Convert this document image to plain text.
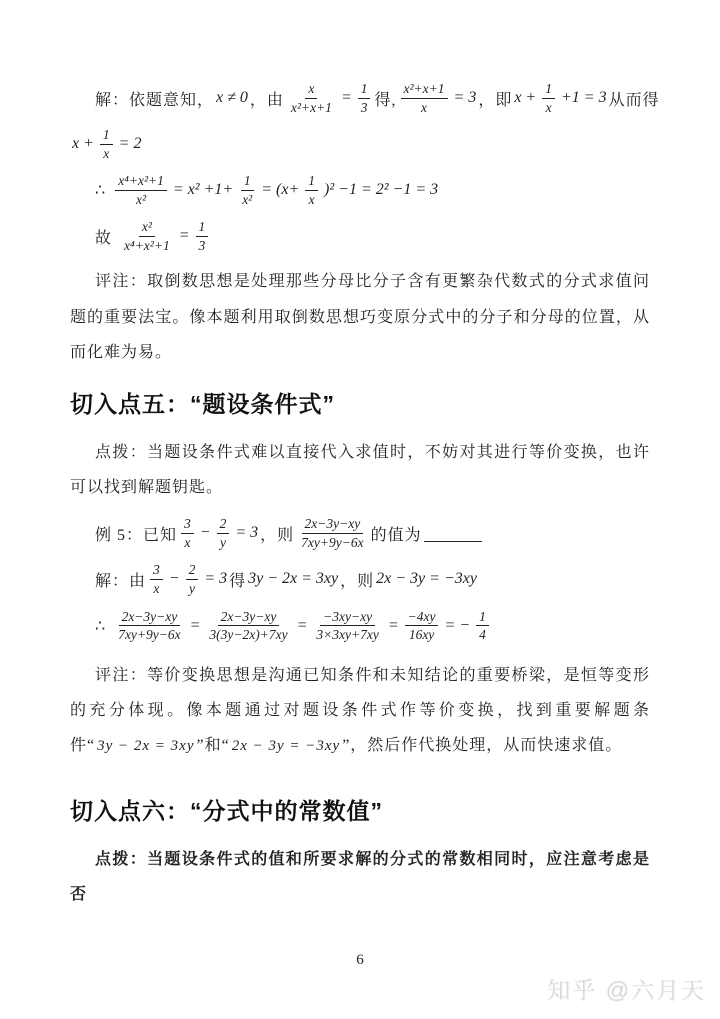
解：依题意知， x ≠ 0 ，由 $\frac{x}{\text{x²+x+1}} = \frac{1}{3}$ 得, $\frac{\text{x²+x+1}}{x} = 3$ ，即 $x + \frac{1}{x} +1 = 3$ 从而得
$x + \frac{1}{x} = 2$
∴ $\frac{\text{x⁴+x²+1}}{\text{x²}} = x^2 +1+ \frac{1}{\text{x²}} = (x+ \frac{1}{x} )^2 -1 = 2^2 -1 = 3$
故 $\frac{\text{x²}}{\text{x⁴+x²+1}} = \frac{1}{3}$

评注：取倒数思想是处理那些分母比分子含有更繁杂代数式的分式求值问题的重要法宝。像本题利用取倒数思想巧变原分式中的分子和分母的位置，从而化难为易。

切入点五：“题设条件式”

点拨：当题设条件式难以直接代入求值时，不妨对其进行等价变换，也许可以找到解题钥匙。

例 5：已知 $\frac{3}{x} - \frac{2}{y} = 3$ ，则 $\frac{2x-3y-xy}{7xy+9y-6x}$ 的值为
解：由 $\frac{3}{x} - \frac{2}{y} = 3$ 得 3y − 2x = 3xy ，则 2x − 3y = −3xy
∴ $\frac{2x-3y-xy}{7xy+9y-6x} = \frac{2x-3y-xy}{3(3y-2x)+7xy} = \frac{-3xy-xy}{3\times 3xy+7xy} = \frac{-4xy}{16xy}$ = − $\frac{1}{4}$
评注：等价变换思想是沟通已知条件和未知结论的重要桥梁，是恒等变形的充分体现。像本题通过对题设条件式作等价变换，找到重要解题条件“ 3y − 2x = 3xy ”和“ 2x − 3y = −3xy ”，然后作代换处理，从而快速求值。
切入点六：“分式中的常数值”

点拨：当题设条件式的值和所要求解的分式的常数相同时，应注意考虑是否

6
知乎 @六月天
